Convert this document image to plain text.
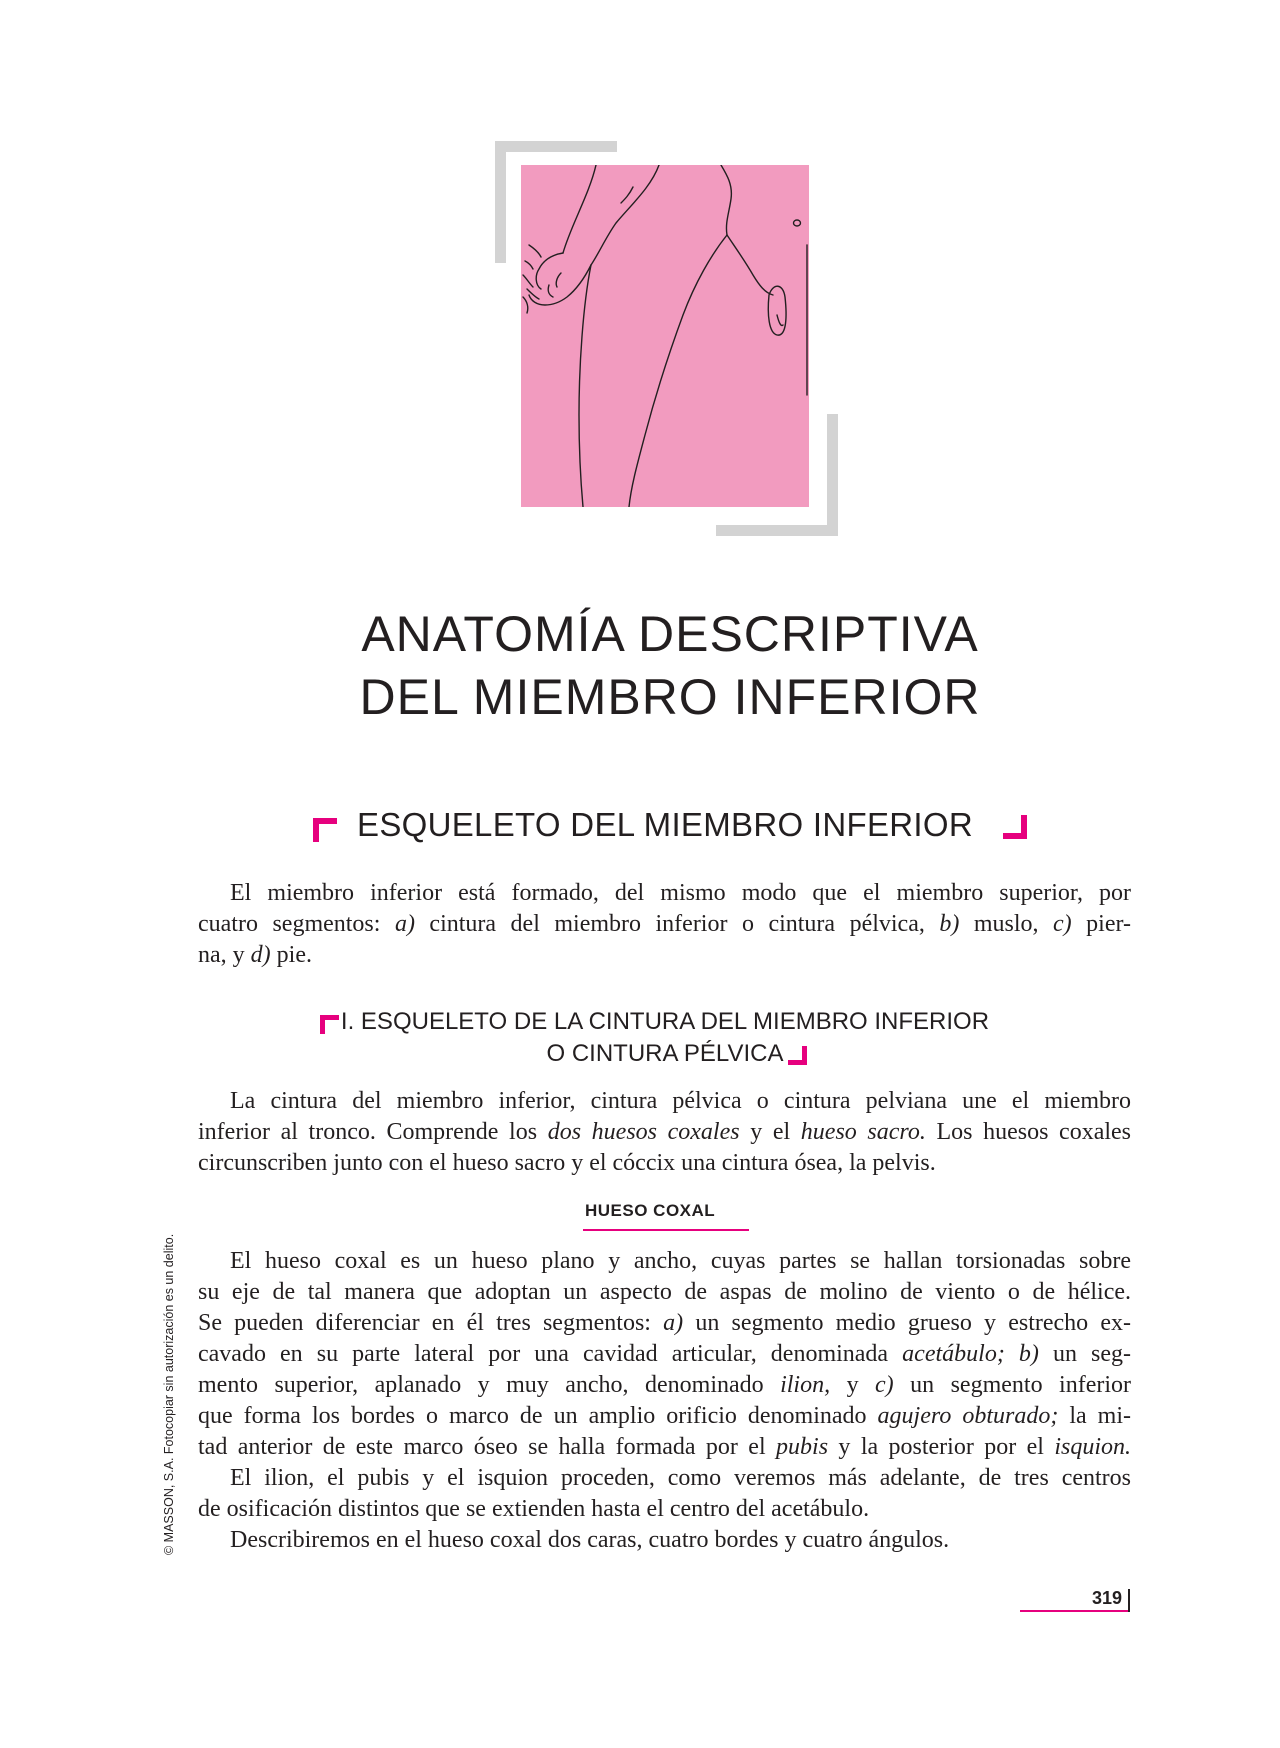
ANATOMÍA DESCRIPTIVA
DEL MIEMBRO INFERIOR
ESQUELETO DEL MIEMBRO INFERIOR
El miembro inferior está formado, del mismo modo que el miembro superior, por
cuatro segmentos: a) cintura del miembro inferior o cintura pélvica, b) muslo, c) pier-
na, y d) pie.
I. ESQUELETO DE LA CINTURA DEL MIEMBRO INFERIOR
O CINTURA PÉLVICA
La cintura del miembro inferior, cintura pélvica o cintura pelviana une el miembro
inferior al tronco. Comprende los dos huesos coxales y el hueso sacro. Los huesos coxales
circunscriben junto con el hueso sacro y el cóccix una cintura ósea, la pelvis.
HUESO COXAL
El hueso coxal es un hueso plano y ancho, cuyas partes se hallan torsionadas sobre
su eje de tal manera que adoptan un aspecto de aspas de molino de viento o de hélice.
Se pueden diferenciar en él tres segmentos: a) un segmento medio grueso y estrecho ex-
cavado en su parte lateral por una cavidad articular, denominada acetábulo; b) un seg-
mento superior, aplanado y muy ancho, denominado ilion, y c) un segmento inferior
que forma los bordes o marco de un amplio orificio denominado agujero obturado; la mi-
tad anterior de este marco óseo se halla formada por el pubis y la posterior por el isquion.
El ilion, el pubis y el isquion proceden, como veremos más adelante, de tres centros
de osificación distintos que se extienden hasta el centro del acetábulo.
Describiremos en el hueso coxal dos caras, cuatro bordes y cuatro ángulos.
© MASSON, S.A. Fotocopiar sin autorización es un delito.
319
